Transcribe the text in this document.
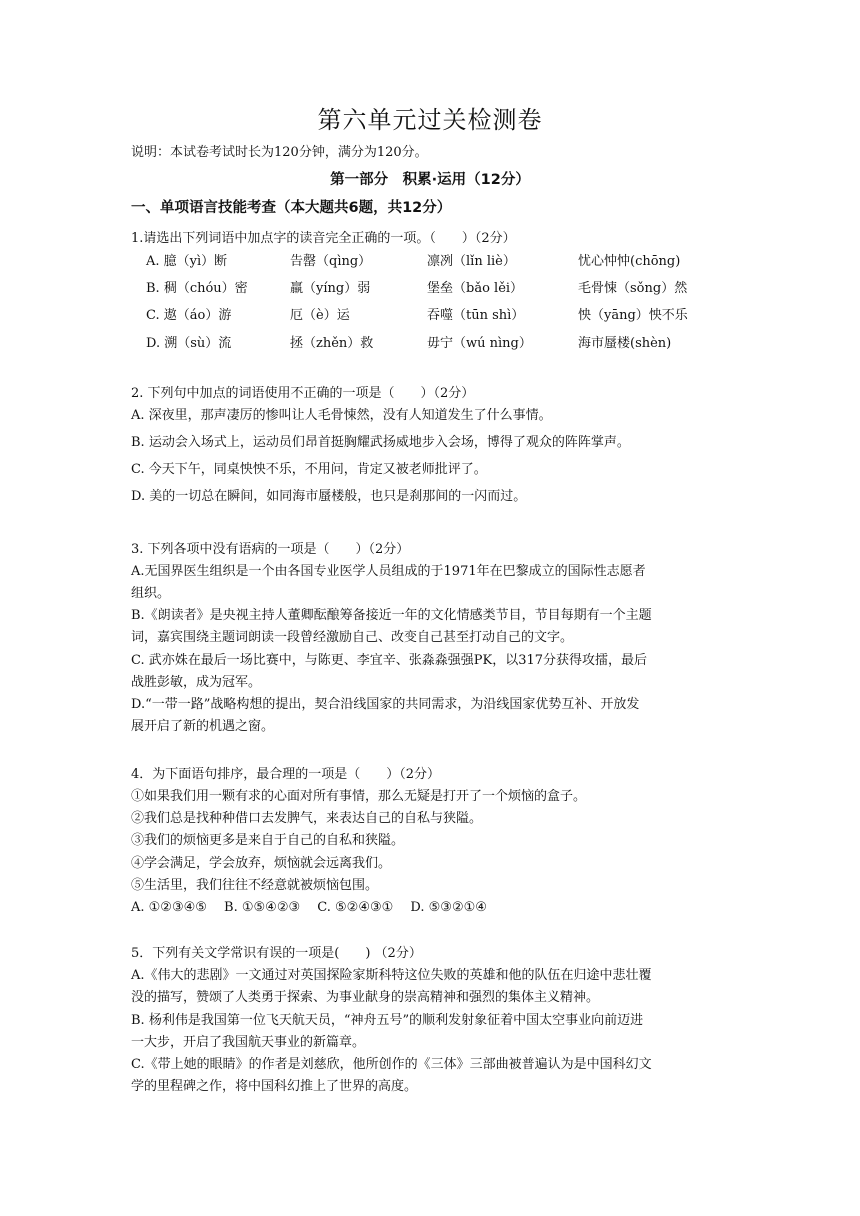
第六单元过关检测卷
说明：本试卷考试时长为120分钟，满分为120分。
第一部分　积累·运用（12分）
一、单项语言技能考查（本大题共6题，共12分）
1.请选出下列词语中加点字的读音完全正确的一项。（　　）（2分）
A. 臆（yì）断	告罄（qìng）	凛冽（lǐn liè）	忧心忡忡(chōng)
B. 稠（chóu）密	羸（yíng）弱	堡垒（bǎo lěi）	毛骨悚（sǒng）然
C. 遨（áo）游	厄（è）运	吞噬（tūn shì）	怏（yāng）怏不乐
D. 溯（sù）流	拯（zhěn）救	毋宁（wú nìng）	海市蜃楼(shèn)
2. 下列句中加点的词语使用不正确的一项是（　　）（2分）
A. 深夜里，那声凄厉的惨叫让人毛骨悚然，没有人知道发生了什么事情。
B. 运动会入场式上，运动员们昂首挺胸耀武扬威地步入会场，博得了观众的阵阵掌声。
C. 今天下午，同桌怏怏不乐，不用问，肯定又被老师批评了。
D. 美的一切总在瞬间，如同海市蜃楼般，也只是刹那间的一闪而过。
3. 下列各项中没有语病的一项是（　　）（2分）
A.无国界医生组织是一个由各国专业医学人员组成的于1971年在巴黎成立的国际性志愿者
组织。
B.《朗读者》是央视主持人董卿酝酿筹备接近一年的文化情感类节目，节目每期有一个主题
词，嘉宾围绕主题词朗读一段曾经激励自己、改变自己甚至打动自己的文字。
C. 武亦姝在最后一场比赛中，与陈更、李宜辛、张淼淼强强PK，以317分获得攻擂，最后
战胜彭敏，成为冠军。
D.“一带一路”战略构想的提出，契合沿线国家的共同需求，为沿线国家优势互补、开放发
展开启了新的机遇之窗。
4．为下面语句排序，最合理的一项是（　　）（2分）
①如果我们用一颗有求的心面对所有事情，那么无疑是打开了一个烦恼的盒子。
②我们总是找种种借口去发脾气，来表达自己的自私与狭隘。
③我们的烦恼更多是来自于自己的自私和狭隘。
④学会满足，学会放弃，烦恼就会远离我们。
⑤生活里，我们往往不经意就被烦恼包围。
A. ①②③④⑤　 B. ①⑤④②③　 C. ⑤②④③①　 D. ⑤③②①④
5．下列有关文学常识有误的一项是(　　) （2分）
A.《伟大的悲剧》一文通过对英国探险家斯科特这位失败的英雄和他的队伍在归途中悲壮覆
没的描写，赞颂了人类勇于探索、为事业献身的崇高精神和强烈的集体主义精神。
B. 杨利伟是我国第一位飞天航天员，“神舟五号”的顺利发射象征着中国太空事业向前迈进
一大步，开启了我国航天事业的新篇章。
C.《带上她的眼睛》的作者是刘慈欣，他所创作的《三体》三部曲被普遍认为是中国科幻文
学的里程碑之作，将中国科幻推上了世界的高度。
